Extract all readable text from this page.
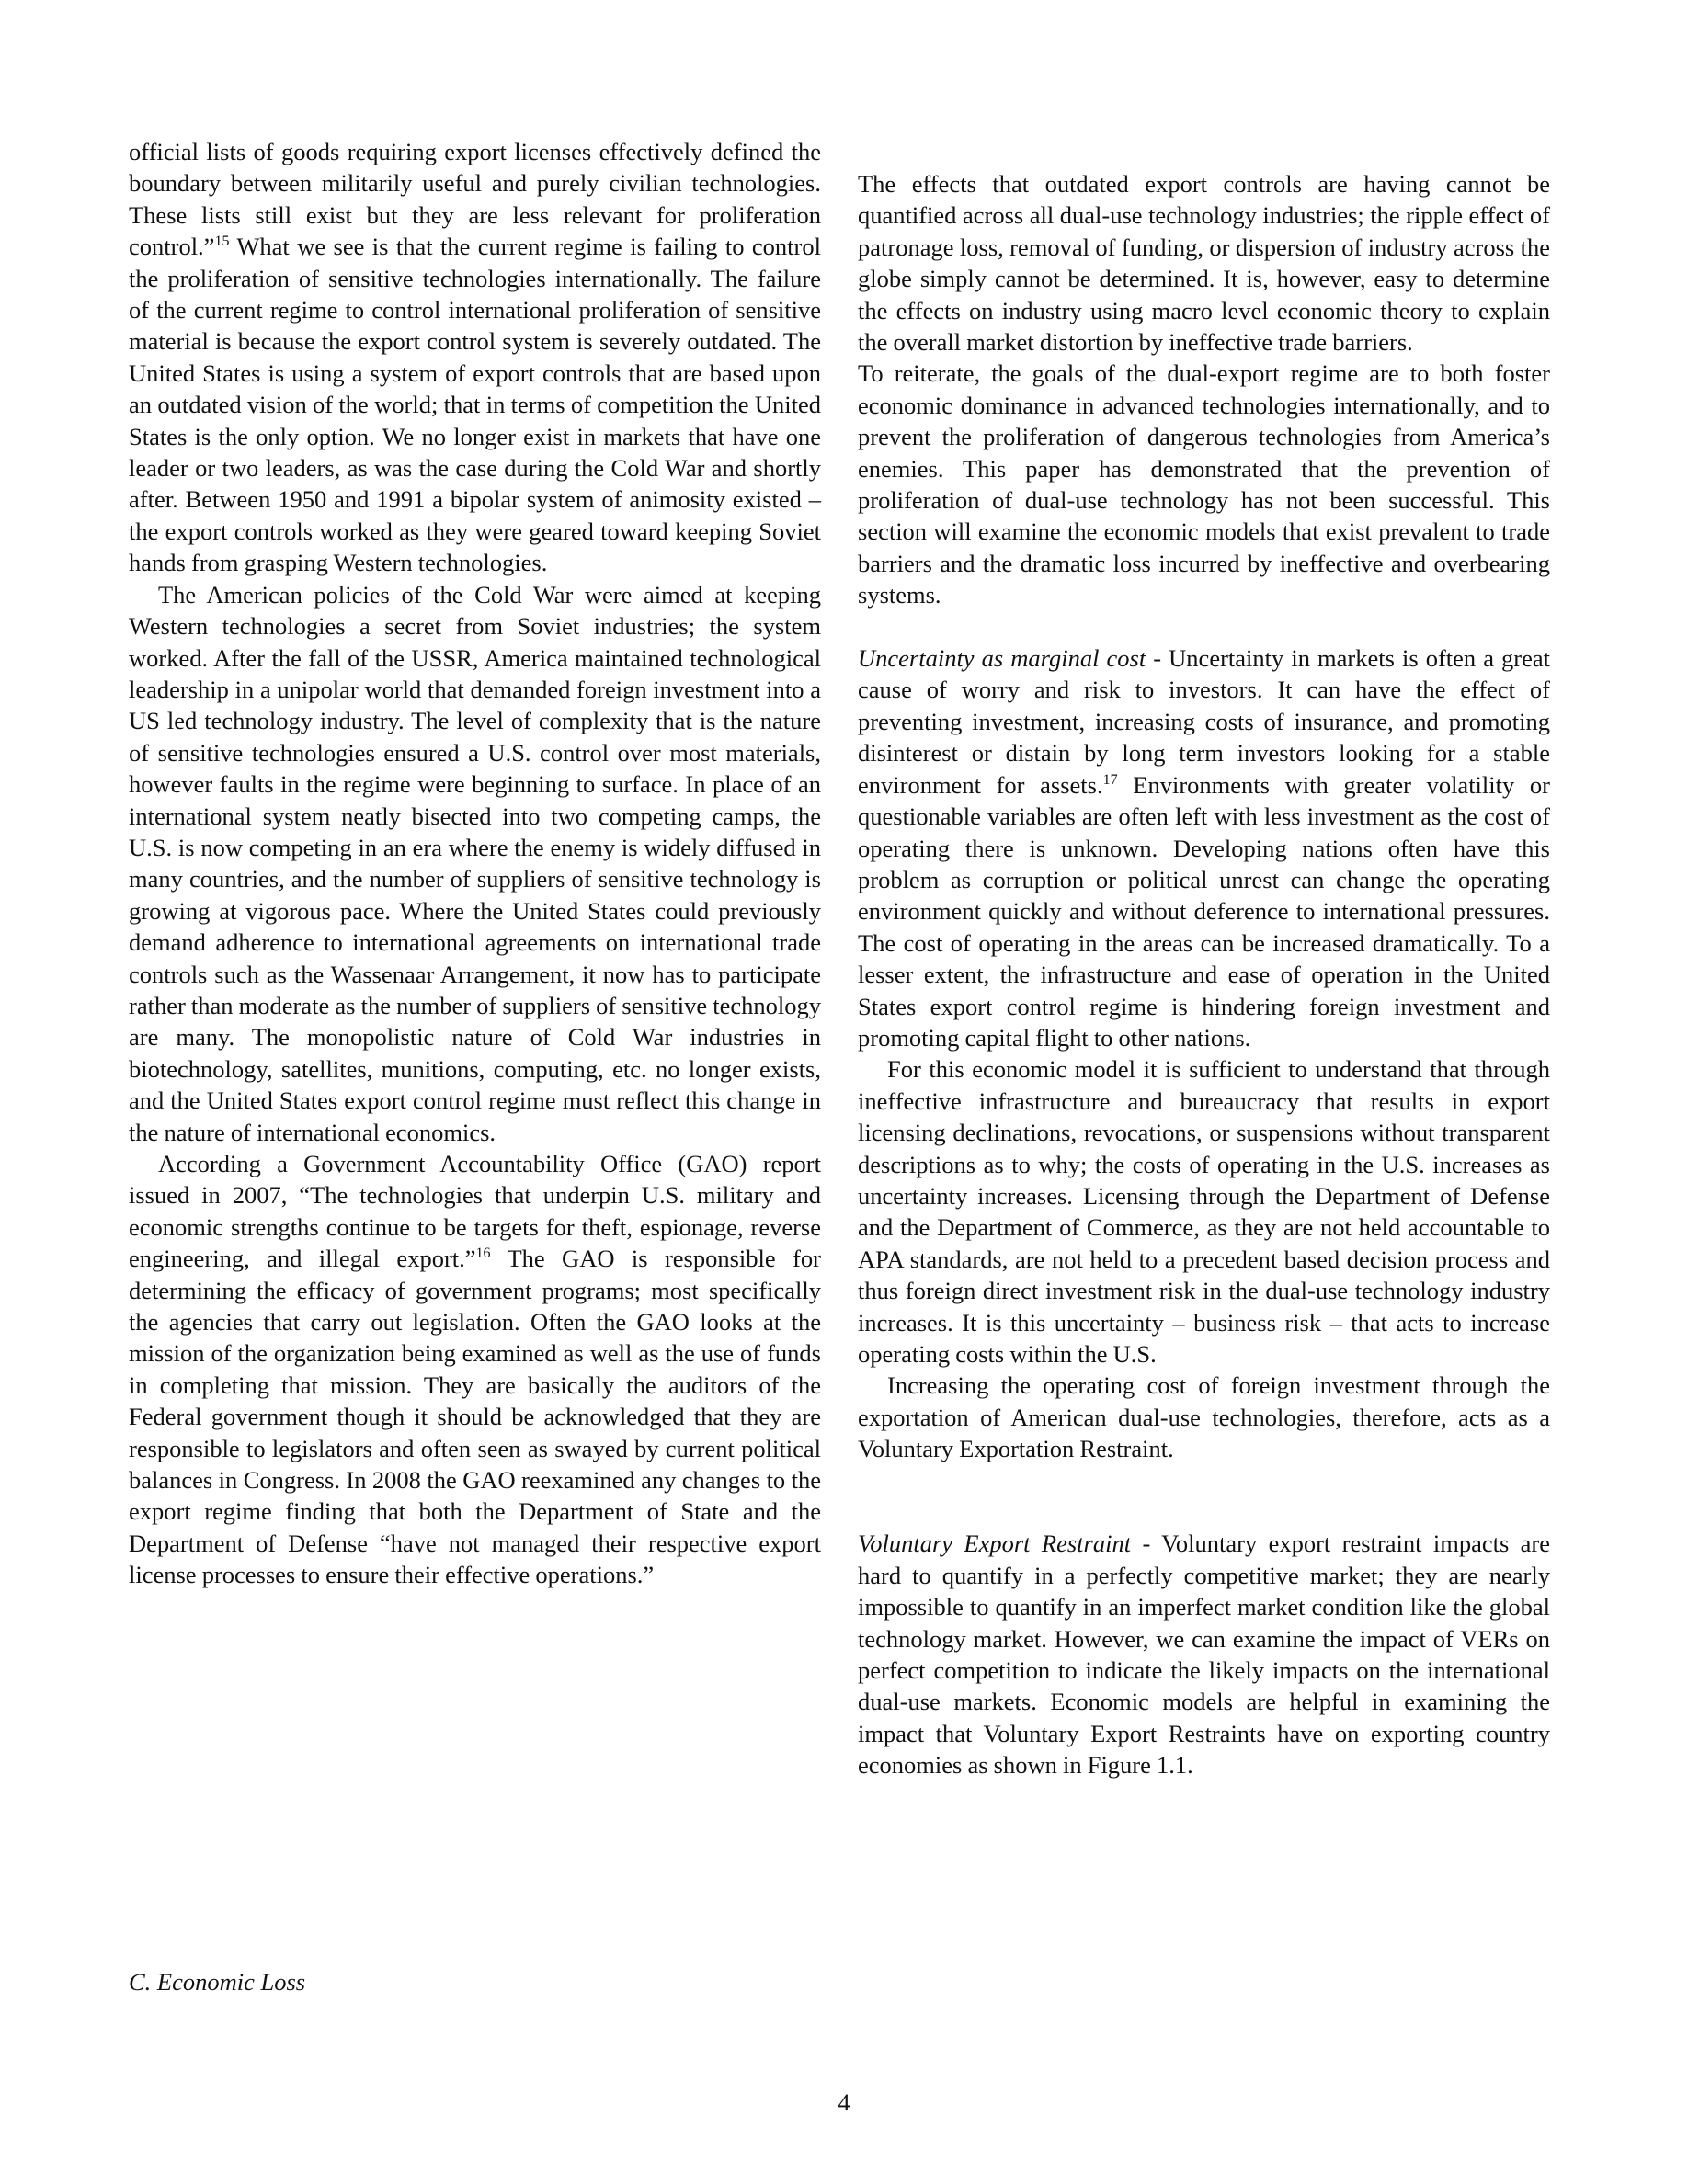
official lists of goods requiring export licenses effectively defined the boundary between militarily useful and purely civilian technologies. These lists still exist but they are less relevant for proliferation control.”$^{15}$ What we see is that the current regime is failing to control the proliferation of sensitive technologies internationally. The failure of the current regime to control international proliferation of sensitive material is because the export control system is severely outdated. The United States is using a system of export controls that are based upon an outdated vision of the world; that in terms of competition the United States is the only option. We no longer exist in markets that have one leader or two leaders, as was the case during the Cold War and shortly after. Between 1950 and 1991 a bipolar system of animosity existed – the export controls worked as they were geared toward keeping Soviet hands from grasping Western technologies.

The American policies of the Cold War were aimed at keeping Western technologies a secret from Soviet industries; the system worked. After the fall of the USSR, America maintained technological leadership in a unipolar world that demanded foreign investment into a US led technology industry. The level of complexity that is the nature of sensitive technologies ensured a U.S. control over most materials, however faults in the regime were beginning to surface. In place of an international system neatly bisected into two competing camps, the U.S. is now competing in an era where the enemy is widely diffused in many countries, and the number of suppliers of sensitive technology is growing at vigorous pace. Where the United States could previously demand adherence to international agreements on international trade controls such as the Wassenaar Arrangement, it now has to participate rather than moderate as the number of suppliers of sensitive technology are many. The monopolistic nature of Cold War industries in biotechnology, satellites, munitions, computing, etc. no longer exists, and the United States export control regime must reflect this change in the nature of international economics.

According a Government Accountability Office (GAO) report issued in 2007, “The technologies that underpin U.S. military and economic strengths continue to be targets for theft, espionage, reverse engineering, and illegal export.”$^{16}$ The GAO is responsible for determining the efficacy of government programs; most specifically the agencies that carry out legislation. Often the GAO looks at the mission of the organization being examined as well as the use of funds in completing that mission. They are basically the auditors of the Federal government though it should be acknowledged that they are responsible to legislators and often seen as swayed by current political balances in Congress. In 2008 the GAO reexamined any changes to the export regime finding that both the Department of State and the Department of Defense “have not managed their respective export license processes to ensure their effective operations.”

C. Economic Loss

The effects that outdated export controls are having cannot be quantified across all dual-use technology industries; the ripple effect of patronage loss, removal of funding, or dispersion of industry across the globe simply cannot be determined. It is, however, easy to determine the effects on industry using macro level economic theory to explain the overall market distortion by ineffective trade barriers.

To reiterate, the goals of the dual-export regime are to both foster economic dominance in advanced technologies internationally, and to prevent the proliferation of dangerous technologies from America’s enemies. This paper has demonstrated that the prevention of proliferation of dual-use technology has not been successful. This section will examine the economic models that exist prevalent to trade barriers and the dramatic loss incurred by ineffective and overbearing systems.

Uncertainty as marginal cost - Uncertainty in markets is often a great cause of worry and risk to investors. It can have the effect of preventing investment, increasing costs of insurance, and promoting disinterest or distain by long term investors looking for a stable environment for assets.$^{17}$ Environments with greater volatility or questionable variables are often left with less investment as the cost of operating there is unknown. Developing nations often have this problem as corruption or political unrest can change the operating environment quickly and without deference to international pressures. The cost of operating in the areas can be increased dramatically. To a lesser extent, the infrastructure and ease of operation in the United States export control regime is hindering foreign investment and promoting capital flight to other nations.

For this economic model it is sufficient to understand that through ineffective infrastructure and bureaucracy that results in export licensing declinations, revocations, or suspensions without transparent descriptions as to why; the costs of operating in the U.S. increases as uncertainty increases. Licensing through the Department of Defense and the Department of Commerce, as they are not held accountable to APA standards, are not held to a precedent based decision process and thus foreign direct investment risk in the dual-use technology industry increases. It is this uncertainty – business risk – that acts to increase operating costs within the U.S.

Increasing the operating cost of foreign investment through the exportation of American dual-use technologies, therefore, acts as a Voluntary Exportation Restraint.

Voluntary Export Restraint - Voluntary export restraint impacts are hard to quantify in a perfectly competitive market; they are nearly impossible to quantify in an imperfect market condition like the global technology market. However, we can examine the impact of VERs on perfect competition to indicate the likely impacts on the international dual-use markets. Economic models are helpful in examining the impact that Voluntary Export Restraints have on exporting country economies as shown in Figure 1.1.

4
